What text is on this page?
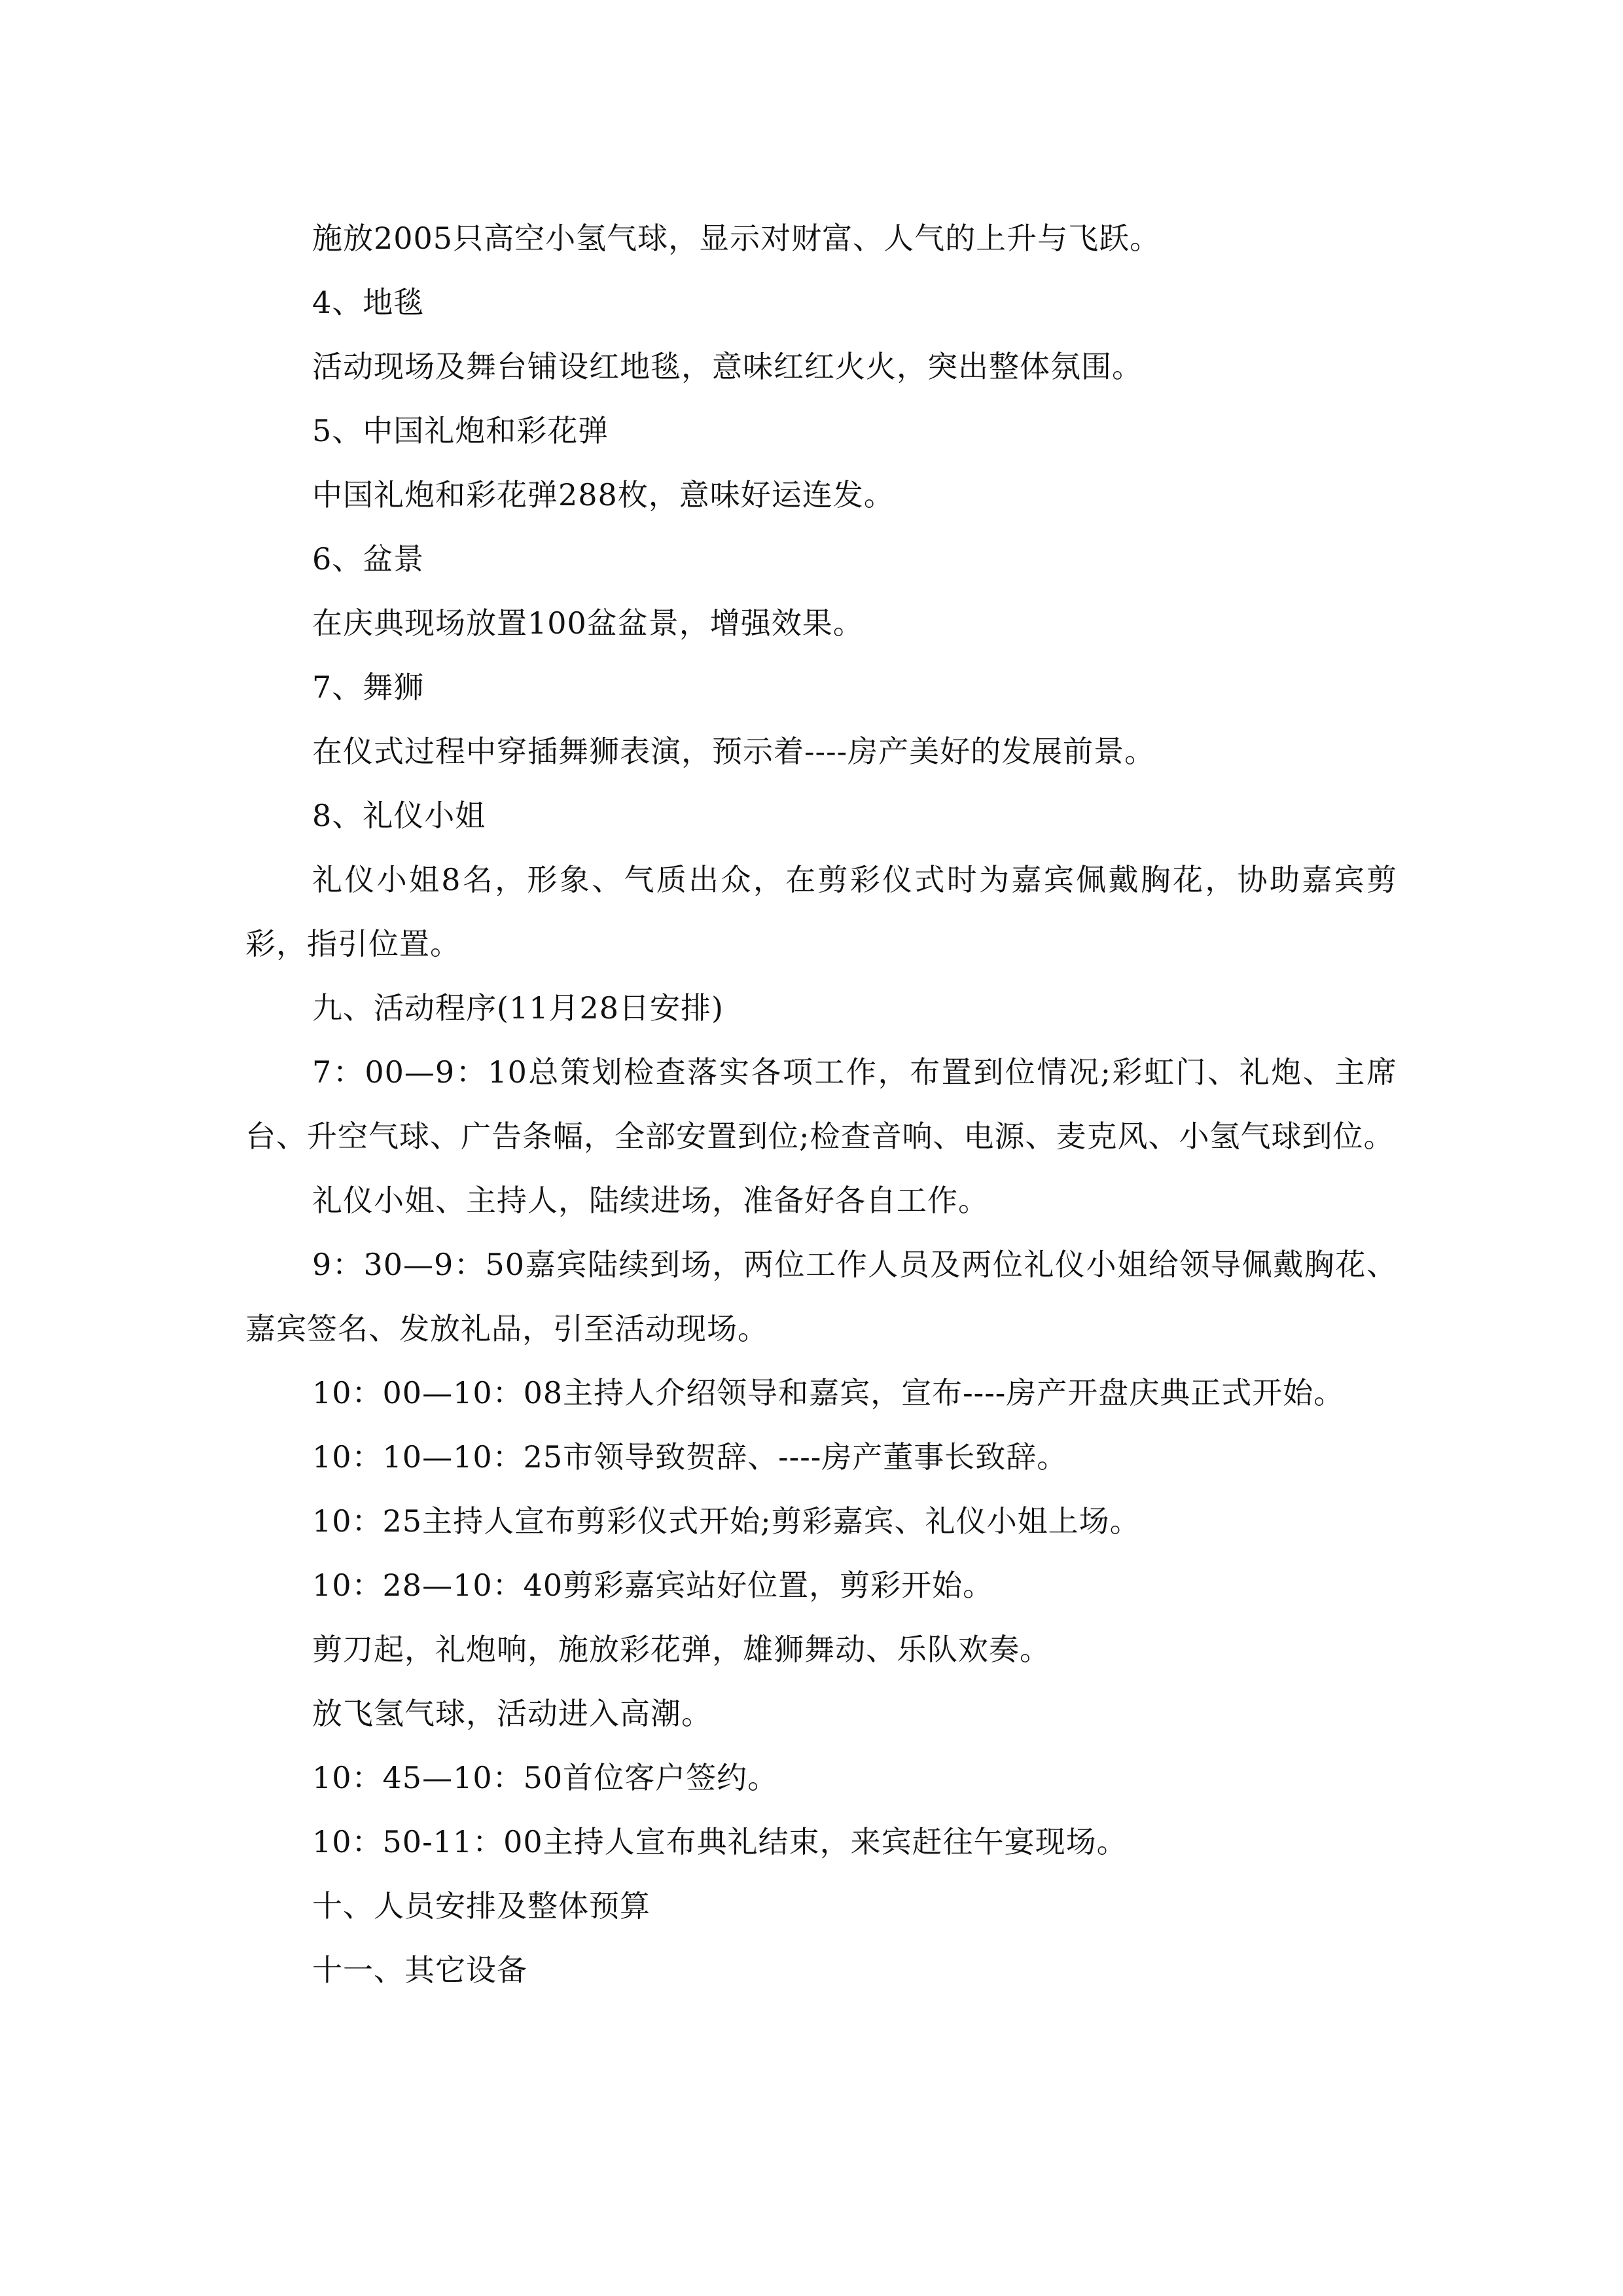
施放2005只高空小氢气球，显示对财富、人气的上升与飞跃。

4、地毯

活动现场及舞台铺设红地毯，意味红红火火，突出整体氛围。

5、中国礼炮和彩花弹

中国礼炮和彩花弹288枚，意味好运连发。

6、盆景

在庆典现场放置100盆盆景，增强效果。

7、舞狮

在仪式过程中穿插舞狮表演，预示着----房产美好的发展前景。

8、礼仪小姐

礼仪小姐8名，形象、气质出众，在剪彩仪式时为嘉宾佩戴胸花，协助嘉宾剪彩，指引位置。

九、活动程序(11月28日安排)

7：00—9：10总策划检查落实各项工作，布置到位情况;彩虹门、礼炮、主席台、升空气球、广告条幅，全部安置到位;检查音响、电源、麦克风、小氢气球到位。

礼仪小姐、主持人，陆续进场，准备好各自工作。

9：30—9：50嘉宾陆续到场，两位工作人员及两位礼仪小姐给领导佩戴胸花、嘉宾签名、发放礼品，引至活动现场。

10：00—10：08主持人介绍领导和嘉宾，宣布----房产开盘庆典正式开始。

10：10—10：25市领导致贺辞、----房产董事长致辞。

10：25主持人宣布剪彩仪式开始;剪彩嘉宾、礼仪小姐上场。

10：28—10：40剪彩嘉宾站好位置，剪彩开始。

剪刀起，礼炮响，施放彩花弹，雄狮舞动、乐队欢奏。

放飞氢气球，活动进入高潮。

10：45—10：50首位客户签约。

10：50-11：00主持人宣布典礼结束，来宾赶往午宴现场。

十、人员安排及整体预算

十一、其它设备
